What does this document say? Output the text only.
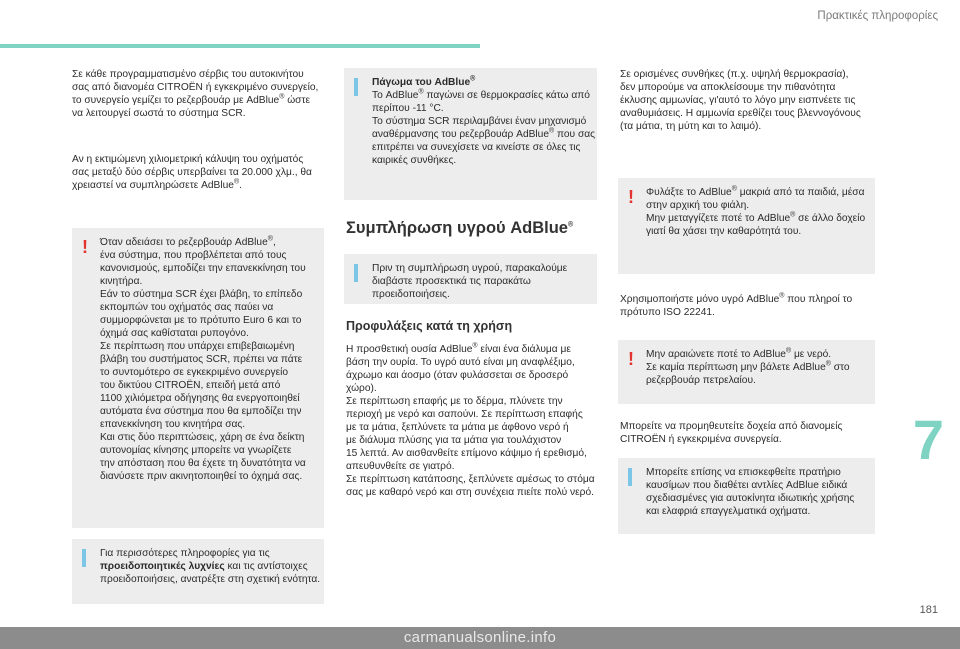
Πρακτικές πληροφορίες
Σε κάθε προγραμματισμένο σέρβις του αυτοκινήτου
σας από διανομέα CITROËN ή εγκεκριμένο συνεργείο,
το συνεργείο γεμίζει το ρεζερβουάρ με AdBlue® ώστε
να λειτουργεί σωστά το σύστημα SCR.
Αν η εκτιμώμενη χιλιομετρική κάλυψη του οχήματός
σας μεταξύ δύο σέρβις υπερβαίνει τα 20.000 χλμ., θα
χρειαστεί να συμπληρώσετε AdBlue®.
! Όταν αδειάσει το ρεζερβουάρ AdBlue®,
ένα σύστημα, που προβλέπεται από τους
κανονισμούς, εμποδίζει την επανεκκίνηση του
κινητήρα.
Εάν το σύστημα SCR έχει βλάβη, το επίπεδο
εκπομπών του οχήματός σας παύει να
συμμορφώνεται με το πρότυπο Euro 6 και το
όχημά σας καθίσταται ρυπογόνο.
Σε περίπτωση που υπάρχει επιβεβαιωμένη
βλάβη του συστήματος SCR, πρέπει να πάτε
το συντομότερο σε εγκεκριμένο συνεργείο
του δικτύου CITROËN, επειδή μετά από
1100 χιλιόμετρα οδήγησης θα ενεργοποιηθεί
αυτόματα ένα σύστημα που θα εμποδίζει την
επανεκκίνηση του κινητήρα σας.
Και στις δύο περιπτώσεις, χάρη σε ένα δείκτη
αυτονομίας κίνησης μπορείτε να γνωρίζετε
την απόσταση που θα έχετε τη δυνατότητα να
διανύσετε πριν ακινητοποιηθεί το όχημά σας.
Για περισσότερες πληροφορίες για τις
προειδοποιητικές λυχνίες και τις αντίστοιχες
προειδοποιήσεις, ανατρέξτε στη σχετική ενότητα.
Πάγωμα του AdBlue®
Το AdBlue® παγώνει σε θερμοκρασίες κάτω από
περίπου -11 °C.
Το σύστημα SCR περιλαμβάνει έναν μηχανισμό
αναθέρμανσης του ρεζερβουάρ AdBlue® που σας
επιτρέπει να συνεχίσετε να κινείστε σε όλες τις
καιρικές συνθήκες.
Συμπλήρωση υγρού AdBlue®
Πριν τη συμπλήρωση υγρού, παρακαλούμε
διαβάστε προσεκτικά τις παρακάτω
προειδοποιήσεις.
Προφυλάξεις κατά τη χρήση
Η προσθετική ουσία AdBlue® είναι ένα διάλυμα με
βάση την ουρία. Το υγρό αυτό είναι μη αναφλέξιμο,
άχρωμο και άοσμο (όταν φυλάσσεται σε δροσερό
χώρο).
Σε περίπτωση επαφής με το δέρμα, πλύνετε την
περιοχή με νερό και σαπούνι. Σε περίπτωση επαφής
με τα μάτια, ξεπλύνετε τα μάτια με άφθονο νερό ή
με διάλυμα πλύσης για τα μάτια για τουλάχιστον
15 λεπτά. Αν αισθανθείτε επίμονο κάψιμο ή ερεθισμό,
απευθυνθείτε σε γιατρό.
Σε περίπτωση κατάποσης, ξεπλύνετε αμέσως το στόμα
σας με καθαρό νερό και στη συνέχεια πιείτε πολύ νερό.
Σε ορισμένες συνθήκες (π.χ. υψηλή θερμοκρασία),
δεν μπορούμε να αποκλείσουμε την πιθανότητα
έκλυσης αμμωνίας, γι'αυτό το λόγο μην εισπνέετε τις
αναθυμιάσεις. Η αμμωνία ερεθίζει τους βλεννογόνους
(τα μάτια, τη μύτη και το λαιμό).
! Φυλάξτε το AdBlue® μακριά από τα παιδιά, μέσα
στην αρχική του φιάλη.
Μην μεταγγίζετε ποτέ το AdBlue® σε άλλο δοχείο
γιατί θα χάσει την καθαρότητά του.
Χρησιμοποιήστε μόνο υγρό AdBlue® που πληροί το
πρότυπο ISO 22241.
! Μην αραιώνετε ποτέ το AdBlue® με νερό.
Σε καμία περίπτωση μην βάλετε AdBlue® στο
ρεζερβουάρ πετρελαίου.
Μπορείτε να προμηθευτείτε δοχεία από διανομείς
CITROËN ή εγκεκριμένα συνεργεία.
Μπορείτε επίσης να επισκεφθείτε πρατήριο
καυσίμων που διαθέτει αντλίες AdBlue ειδικά
σχεδιασμένες για αυτοκίνητα ιδιωτικής χρήσης
και ελαφριά επαγγελματικά οχήματα.
7
181
carmanualsonline.info
